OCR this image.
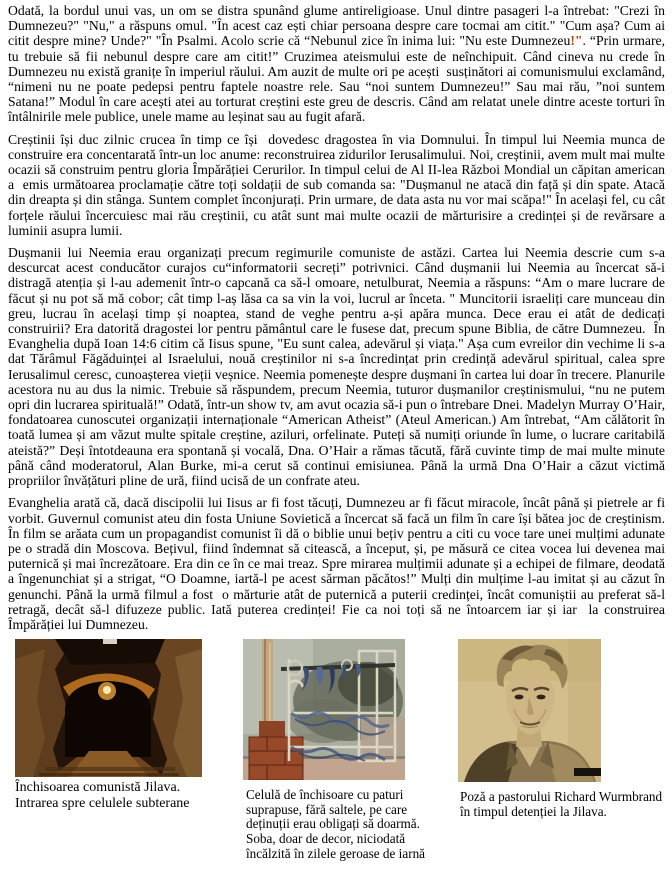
Odată, la bordul unui vas, un om se distra spunând glume antireligioase. Unul dintre pasageri l-a întrebat: "Crezi în Dumnezeu?" "Nu," a răspuns omul. "În acest caz ești chiar persoana despre care tocmai am citit." "Cum așa? Cum ai citit despre mine? Unde?" "În Psalmi. Acolo scrie că “Nebunul zice în inima lui: "Nu este Dumnezeu!". “Prin urmare, tu trebuie să fii nebunul despre care am citit!” Cruzimea ateismului este de neînchipuit. Când cineva nu crede în Dumnezeu nu există granițe în imperiul răului. Am auzit de multe ori pe acești  susținători ai comunismului exclamând, “nimeni nu ne poate pedepsi pentru faptele noastre rele. Sau “noi suntem Dumnezeu!” Sau mai rău, ”noi suntem Satana!” Modul în care acești atei au torturat creștini este greu de descris. Când am relatat unele dintre aceste torturi în întâlnirile mele publice, unele mame au leșinat sau au fugit afară.

Creștinii își duc zilnic crucea în timp ce își  dovedesc dragostea în via Domnului. În timpul lui Neemia munca de construire era concentarată într-un loc anume: reconstruirea zidurilor Ierusalimului. Noi, creștinii, avem mult mai multe ocazii să construim pentru gloria Împărăției Cerurilor. In timpul celui de Al II-lea Război Mondial un căpitan american a  emis următoarea proclamație către toți soldații de sub comanda sa: "Dușmanul ne atacă din față și din spate. Atacă din dreapta și din stânga. Suntem complet înconjurați. Prin urmare, de data asta nu vor mai scăpa!" În același fel, cu cât forțele răului încercuiesc mai rău creștinii, cu atât sunt mai multe ocazii de mărturisire a credinței și de revărsare a luminii asupra lumii.

Dușmanii lui Neemia erau organizați precum regimurile comuniste de astăzi. Cartea lui Neemia descrie cum s-a descurcat acest conducător curajos cu“informatorii secreți” potrivnici. Când dușmanii lui Neemia au încercat să-i  distragă atenția și l-au ademenit într-o capcană ca să-l omoare, netulburat, Neemia a răspuns: “Am o mare lucrare de făcut și nu pot să mă cobor; cât timp l-aș lăsa ca sa vin la voi, lucrul ar înceta. " Muncitorii israeliți care munceau din greu, lucrau în același timp și noaptea, stand de veghe pentru a-și apăra munca. Dece erau ei atât de dedicați construirii? Era datorită dragostei lor pentru pământul care le fusese dat, precum spune Biblia, de către Dumnezeu.  În Evanghelia după Ioan 14:6 citim că Iisus spune, "Eu sunt calea, adevărul și viața." Așa cum evreilor din vechime li s-a dat Tărâmul Făgăduinței al Israelului, nouă creștinilor ni s-a încredințat prin credință adevărul spiritual, calea spre Ierusalimul ceresc, cunoașterea vieții veșnice. Neemia pomenește despre dușmani în cartea lui doar în trecere. Planurile acestora nu au dus la nimic. Trebuie să răspundem, precum Neemia, tuturor dușmanilor creștinismului, “nu ne putem opri din lucrarea spirituală!” Odată, într-un show tv, am avut ocazia să-i pun o întrebare Dnei. Madelyn Murray O’Hair, fondatoarea cunoscutei organizații internaționale “American Atheist” (Ateul American.) Am întrebat, “Am călătorit în toată lumea și am văzut multe spitale creștine, aziluri, orfelinate. Puteți să numiți oriunde în lume, o lucrare caritabilă ateistă?” Deși întotdeauna era spontană și vocală, Dna. O’Hair a rămas tăcută, fără cuvinte timp de mai multe minute până când moderatorul, Alan Burke, mi-a cerut să continui emisiunea. Până la urmă Dna O’Hair a căzut victimă propriilor învățături pline de ură, fiind ucisă de un confrate ateu.

Evanghelia arată că, dacă discipolii lui Iisus ar fi fost tăcuți, Dumnezeu ar fi făcut miracole, încât până și pietrele ar fi vorbit. Guvernul comunist ateu din fosta Uniune Sovietică a încercat să facă un film în care își bătea joc de creștinism. În film se arăata cum un propagandist comunist îi dă o biblie unui bețiv pentru a citi cu voce tare unei mulțimi adunate pe o stradă din Moscova. Bețivul, fiind îndemnat să citească, a început, și, pe măsură ce citea vocea lui devenea mai puternică și mai încrezătoare. Era din ce în ce mai treaz. Spre mirarea mulțimii adunate și a echipei de filmare, deodată a îngenunchiat și a strigat, “O Doamne, iartă-l pe acest sărman păcătos!” Mulți din mulțime l-au imitat și au căzut în genunchi. Până la urmă filmul a fost  o mărturie atât de puternică a puterii credinței, încât comuniștii au preferat să-l retragă, decât să-l difuzeze public. Iată puterea credinței! Fie ca noi toți să ne întoarcem iar și iar  la construirea Împărăției lui Dumnezeu.

Închisoarea comunistă Jilava.
Intrarea spre celulele subterane
Celulă de închisoare cu paturi
suprapuse, fără saltele, pe care
deținuții erau obligați să doarmă.
Soba, doar de decor, niciodată
încălzită în zilele geroase de iarnă
Poză a pastorului Richard Wurmbrand
în timpul detenției la Jilava.
